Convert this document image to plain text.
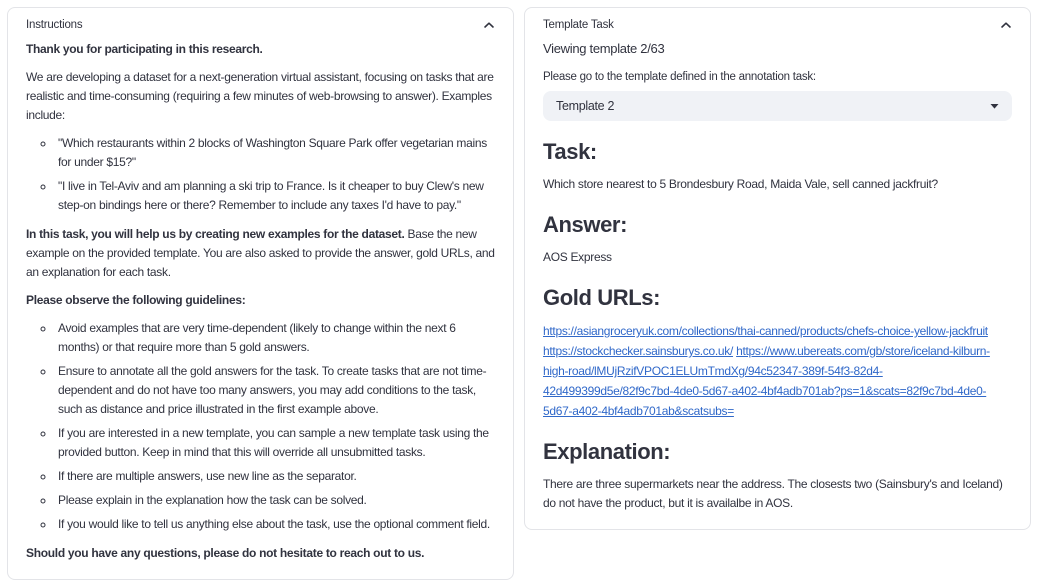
Instructions

Thank you for participating in this research.

We are developing a dataset for a next-generation virtual assistant, focusing on tasks that are realistic and time-consuming (requiring a few minutes of web-browsing to answer). Examples include:

◦ "Which restaurants within 2 blocks of Washington Square Park offer vegetarian mains for under $15?"
◦ "I live in Tel-Aviv and am planning a ski trip to France. Is it cheaper to buy Clew's new step-on bindings here or there? Remember to include any taxes I'd have to pay."

In this task, you will help us by creating new examples for the dataset. Base the new example on the provided template. You are also asked to provide the answer, gold URLs, and an explanation for each task.

Please observe the following guidelines:

◦ Avoid examples that are very time-dependent (likely to change within the next 6 months) or that require more than 5 gold answers.
◦ Ensure to annotate all the gold answers for the task. To create tasks that are not time-dependent and do not have too many answers, you may add conditions to the task, such as distance and price illustrated in the first example above.
◦ If you are interested in a new template, you can sample a new template task using the provided button. Keep in mind that this will override all unsubmitted tasks.
◦ If there are multiple answers, use new line as the separator.
◦ Please explain in the explanation how the task can be solved.
◦ If you would like to tell us anything else about the task, use the optional comment field.

Should you have any questions, please do not hesitate to reach out to us.

Template Task

Viewing template 2/63

Please go to the template defined in the annotation task:

Template 2
Task:

Which store nearest to 5 Brondesbury Road, Maida Vale, sell canned jackfruit?

Answer:

AOS Express

Gold URLs:

https://asiangroceryuk.com/collections/thai-canned/products/chefs-choice-yellow-jackfruit https://stockchecker.sainsburys.co.uk/ https://www.ubereats.com/gb/store/iceland-kilburn-high-road/lMUjRzifVPOC1ELUmTmdXg/94c52347-389f-54f3-82d4-42d499399d5e/82f9c7bd-4de0-5d67-a402-4bf4adb701ab?ps=1&scats=82f9c7bd-4de0-5d67-a402-4bf4adb701ab&scatsubs=

Explanation:

There are three supermarkets near the address. The closests two (Sainsbury's and Iceland) do not have the product, but it is availalbe in AOS.
